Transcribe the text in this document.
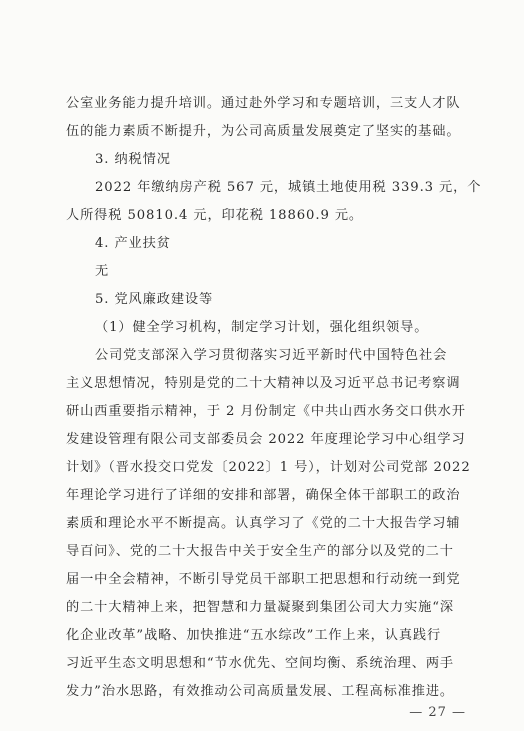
公室业务能力提升培训。通过赴外学习和专题培训，三支人才队
伍的能力素质不断提升，为公司高质量发展奠定了坚实的基础。
3. 纳税情况
2022 年缴纳房产税 567 元，城镇土地使用税 339.3 元，个
人所得税 50810.4 元，印花税 18860.9 元。
4. 产业扶贫
无
5. 党风廉政建设等
（1）健全学习机构，制定学习计划，强化组织领导。
公司党支部深入学习贯彻落实习近平新时代中国特色社会
主义思想情况，特别是党的二十大精神以及习近平总书记考察调
研山西重要指示精神，于 2 月份制定《中共山西水务交口供水开
发建设管理有限公司支部委员会 2022 年度理论学习中心组学习
计划》（晋水投交口党发〔2022〕1 号），计划对公司党部 2022
年理论学习进行了详细的安排和部署，确保全体干部职工的政治
素质和理论水平不断提高。认真学习了《党的二十大报告学习辅
导百问》、党的二十大报告中关于安全生产的部分以及党的二十
届一中全会精神，不断引导党员干部职工把思想和行动统一到党
的二十大精神上来，把智慧和力量凝聚到集团公司大力实施“深
化企业改革”战略、加快推进“五水综改”工作上来，认真践行
习近平生态文明思想和“节水优先、空间均衡、系统治理、两手
发力”治水思路，有效推动公司高质量发展、工程高标准推进。
— 27 —
